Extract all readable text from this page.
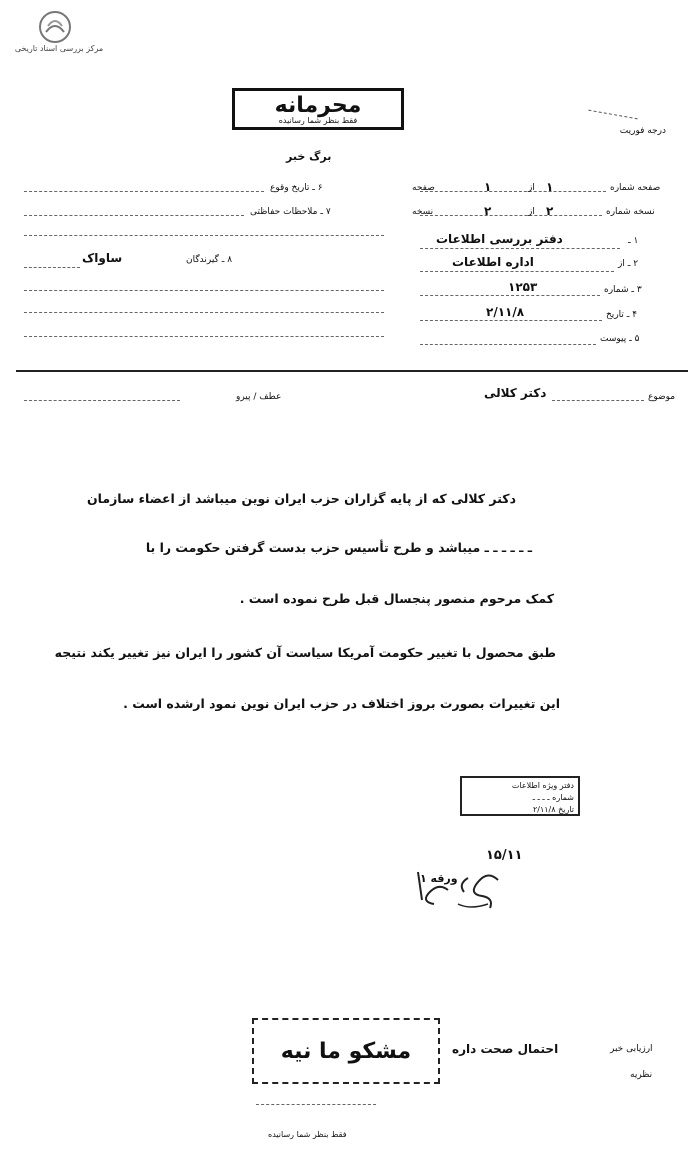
مرکز بررسی اسناد تاریخی
محرمانه
فقط بنظر شما رسانیده
درجه فوریت
برگ خبر
صفحه شماره
۱
از
۱
صفحه
نسخه شماره
۲
از
۲
نسخه
۱ ـ
دفتر بررسی اطلاعات
۲ ـ از
اداره اطلاعات
۳ ـ شماره
۱۲۵۳
۴ ـ تاریخ
۲/۱۱/۸
۵ ـ پیوست
۶ ـ تاریخ وقوع
۷ ـ ملاحظات حفاظتی
۸ ـ گیرندگان
ساواک
موضوع
دکتر کلالی
عطف / پیرو
دکتر کلالی که از پایه گزاران حزب ایران نوین میباشد از اعضاء سازمان
ـ ـ ـ ـ ـ ـ میباشد و طرح تأسیس حزب بدست گرفتن حکومت را با
کمک مرحوم منصور پنجسال قبل طرح نموده است .
طبق محصول با تغییر حکومت آمریکا سیاست آن کشور را ایران نیز تغییر یکند نتیجه
این تغییرات بصورت بروز اختلاف در حزب ایران نوین نمود ارشده است .
دفتر ویژه اطلاعات
شماره ـ ـ ـ ـ
تاریخ ۲/۱۱/۸
۱۵/۱۱
ورقه ۱
مشکو ما نیه	احتمال صحت داره	ارزیابی خبر
نظریه
فقط بنظر شما رسانیده
